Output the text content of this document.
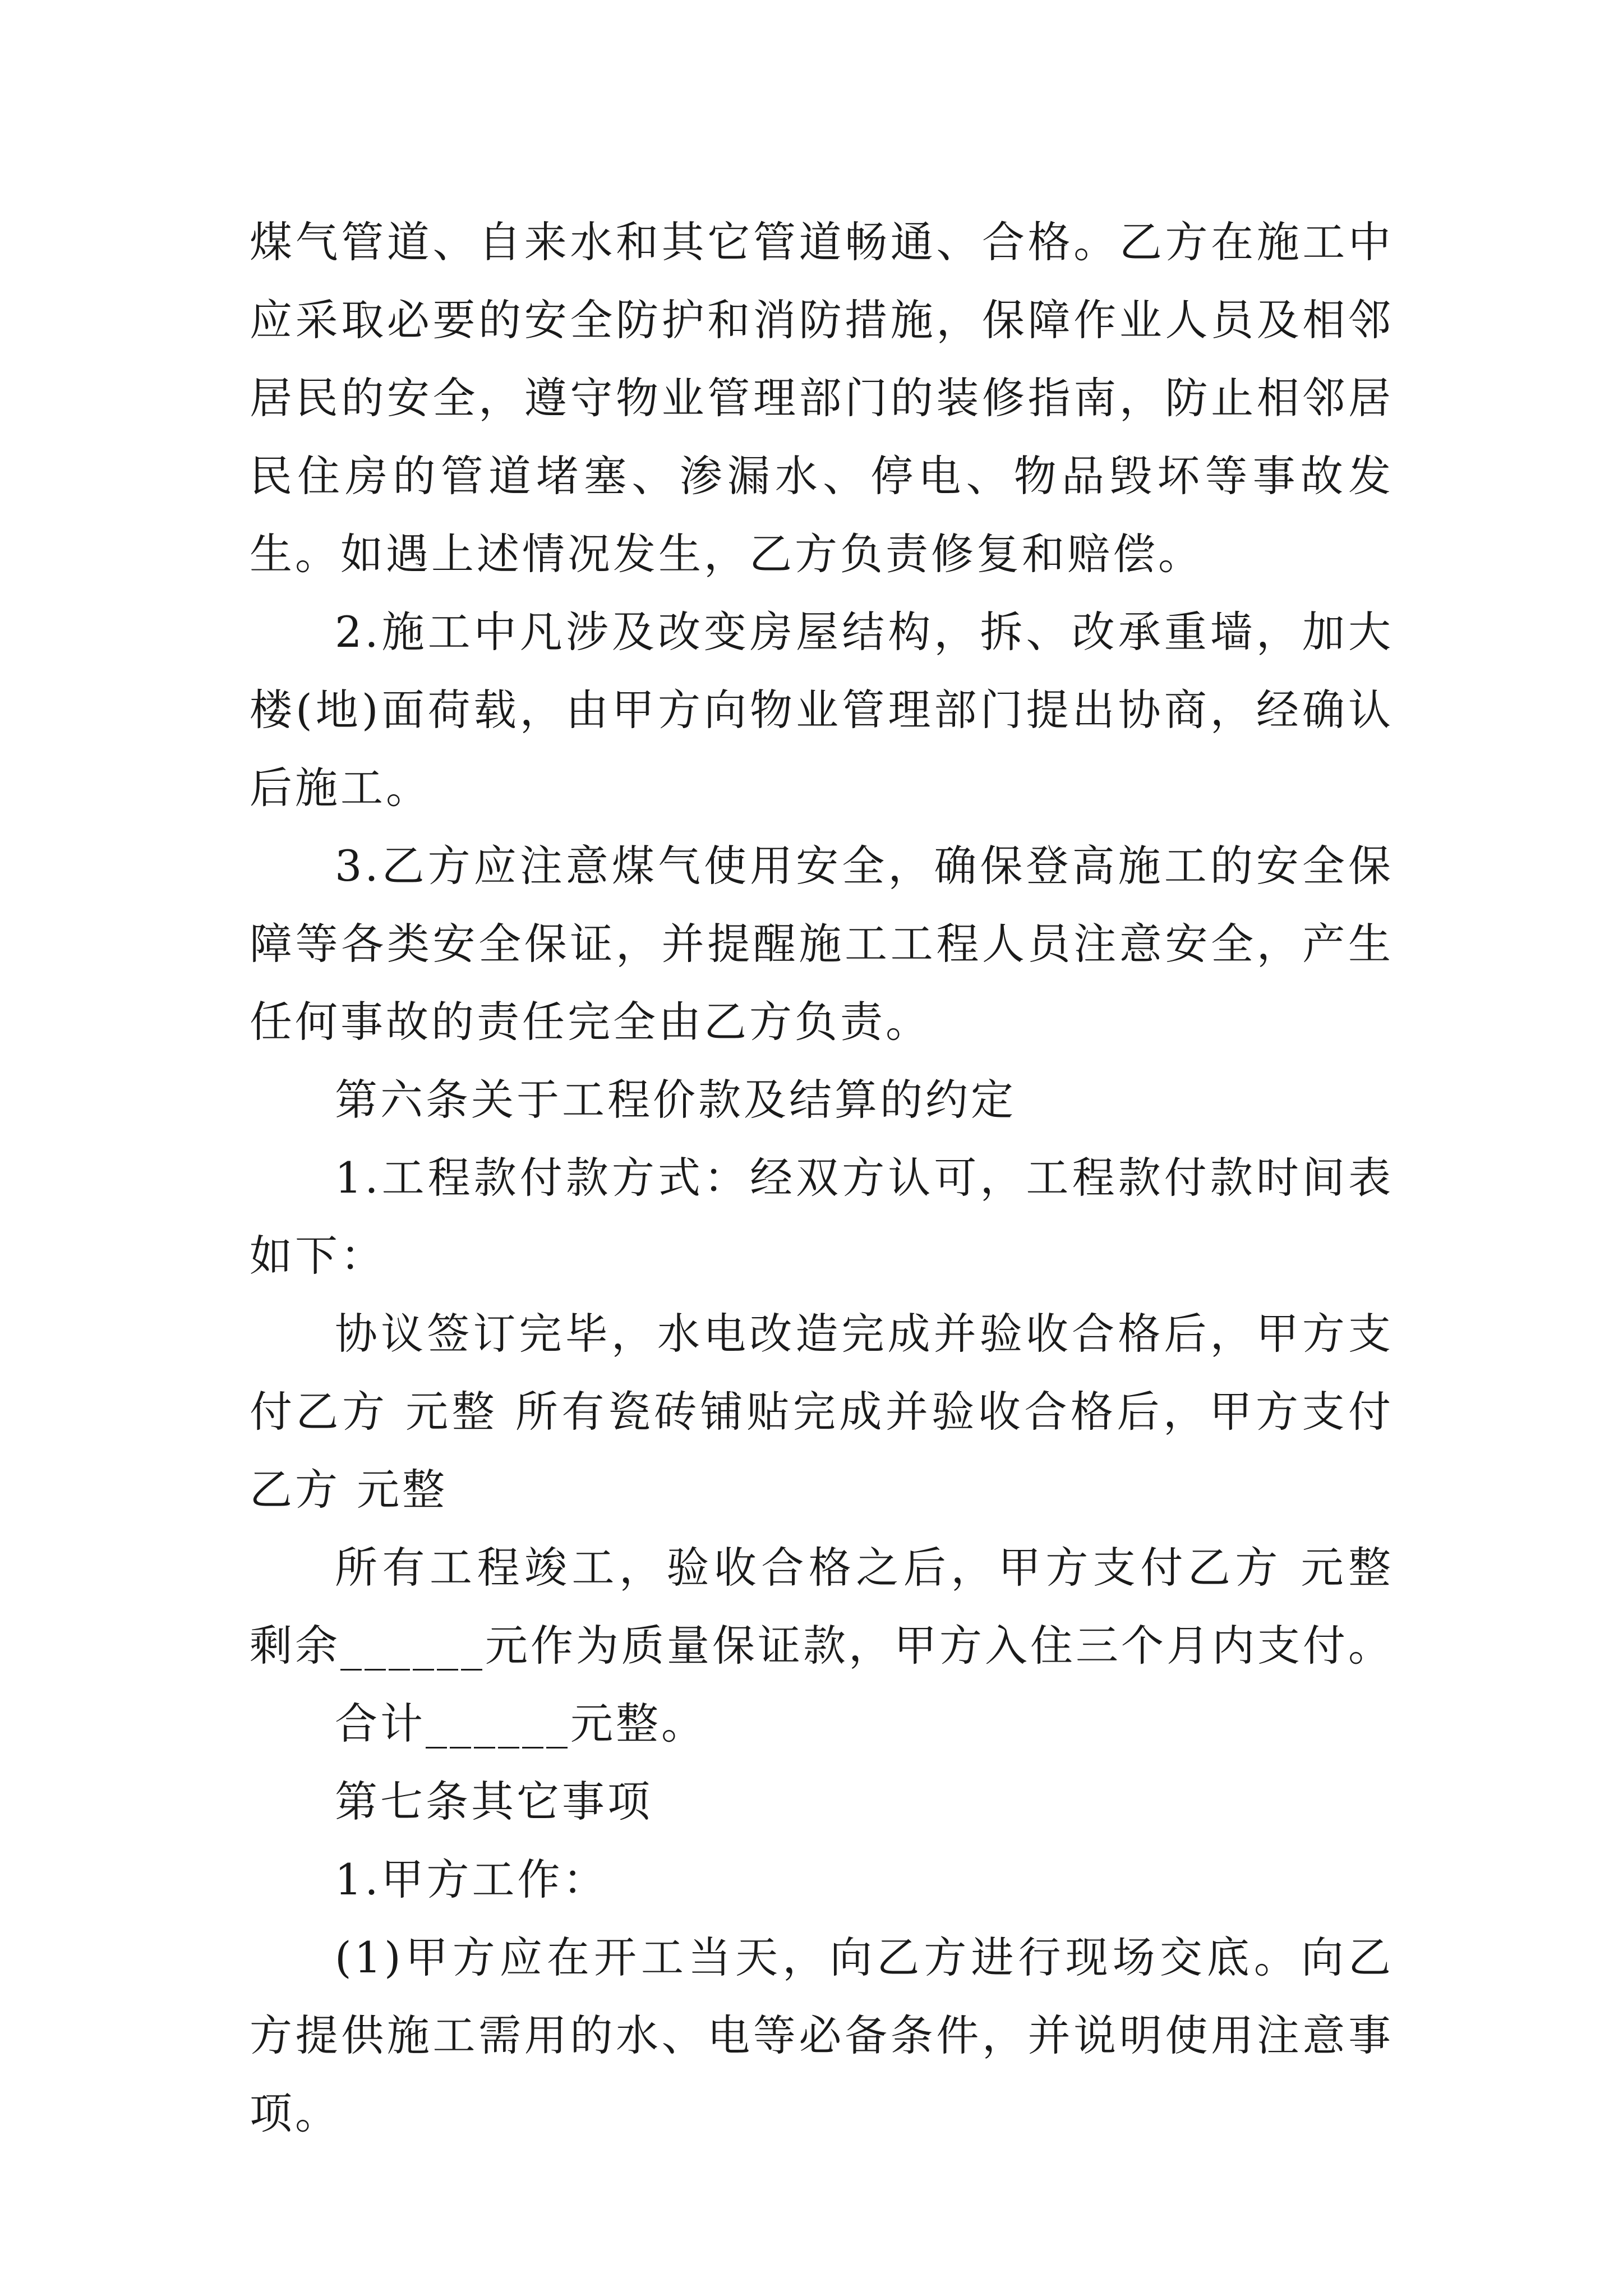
煤气管道、自来水和其它管道畅通、合格。乙方在施工中应采取必要的安全防护和消防措施，保障作业人员及相邻居民的安全，遵守物业管理部门的装修指南，防止相邻居民住房的管道堵塞、渗漏水、停电、物品毁坏等事故发生。如遇上述情况发生，乙方负责修复和赔偿。

2.施工中凡涉及改变房屋结构，拆、改承重墙，加大楼(地)面荷载，由甲方向物业管理部门提出协商，经确认后施工。

3.乙方应注意煤气使用安全，确保登高施工的安全保障等各类安全保证，并提醒施工工程人员注意安全，产生任何事故的责任完全由乙方负责。

第六条关于工程价款及结算的约定

1.工程款付款方式：经双方认可，工程款付款时间表如下：

协议签订完毕，水电改造完成并验收合格后，甲方支付乙方 元整 所有瓷砖铺贴完成并验收合格后，甲方支付乙方 元整

所有工程竣工，验收合格之后，甲方支付乙方 元整剩余______元作为质量保证款，甲方入住三个月内支付。

合计______元整。

第七条其它事项

1.甲方工作：

(1)甲方应在开工当天，向乙方进行现场交底。向乙方提供施工需用的水、电等必备条件，并说明使用注意事项。
